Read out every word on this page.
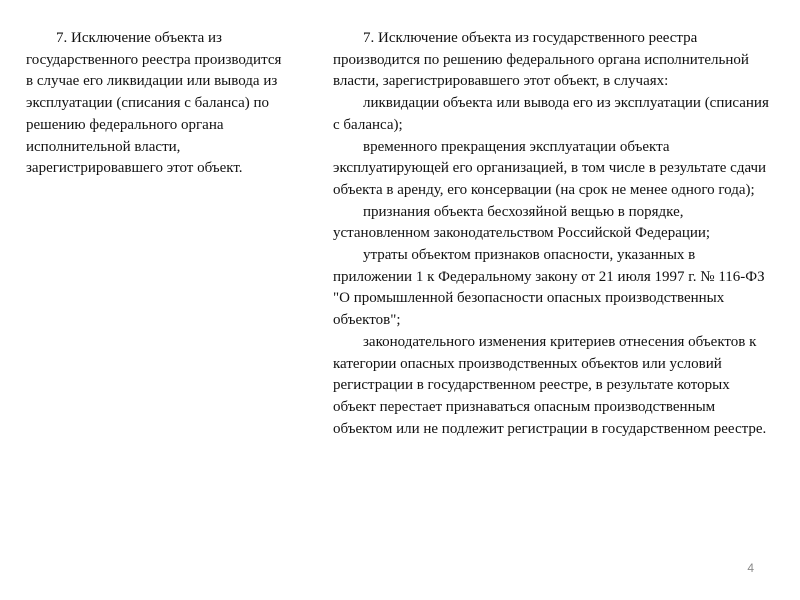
7. Исключение объекта из государственного реестра производится в случае его ликвидации или вывода из эксплуатации (списания с баланса) по решению федерального органа исполнительной власти, зарегистрировавшего этот объект.

7. Исключение объекта из государственного реестра производится по решению федерального органа исполнительной власти, зарегистрировавшего этот объект, в случаях:

ликвидации объекта или вывода его из эксплуатации (списания с баланса);

временного прекращения эксплуатации объекта эксплуатирующей его организацией, в том числе в результате сдачи объекта в аренду, его консервации (на срок не менее одного года);

признания объекта бесхозяйной вещью в порядке, установленном законодательством Российской Федерации;

утраты объектом признаков опасности, указанных в приложении 1 к Федеральному закону от 21 июля 1997 г. № 116-ФЗ "О промышленной безопасности опасных производственных объектов";

законодательного изменения критериев отнесения объектов к категории опасных производственных объектов или условий регистрации в государственном реестре, в результате которых объект перестает признаваться опасным производственным объектом или не подлежит регистрации в государственном реестре.

4
